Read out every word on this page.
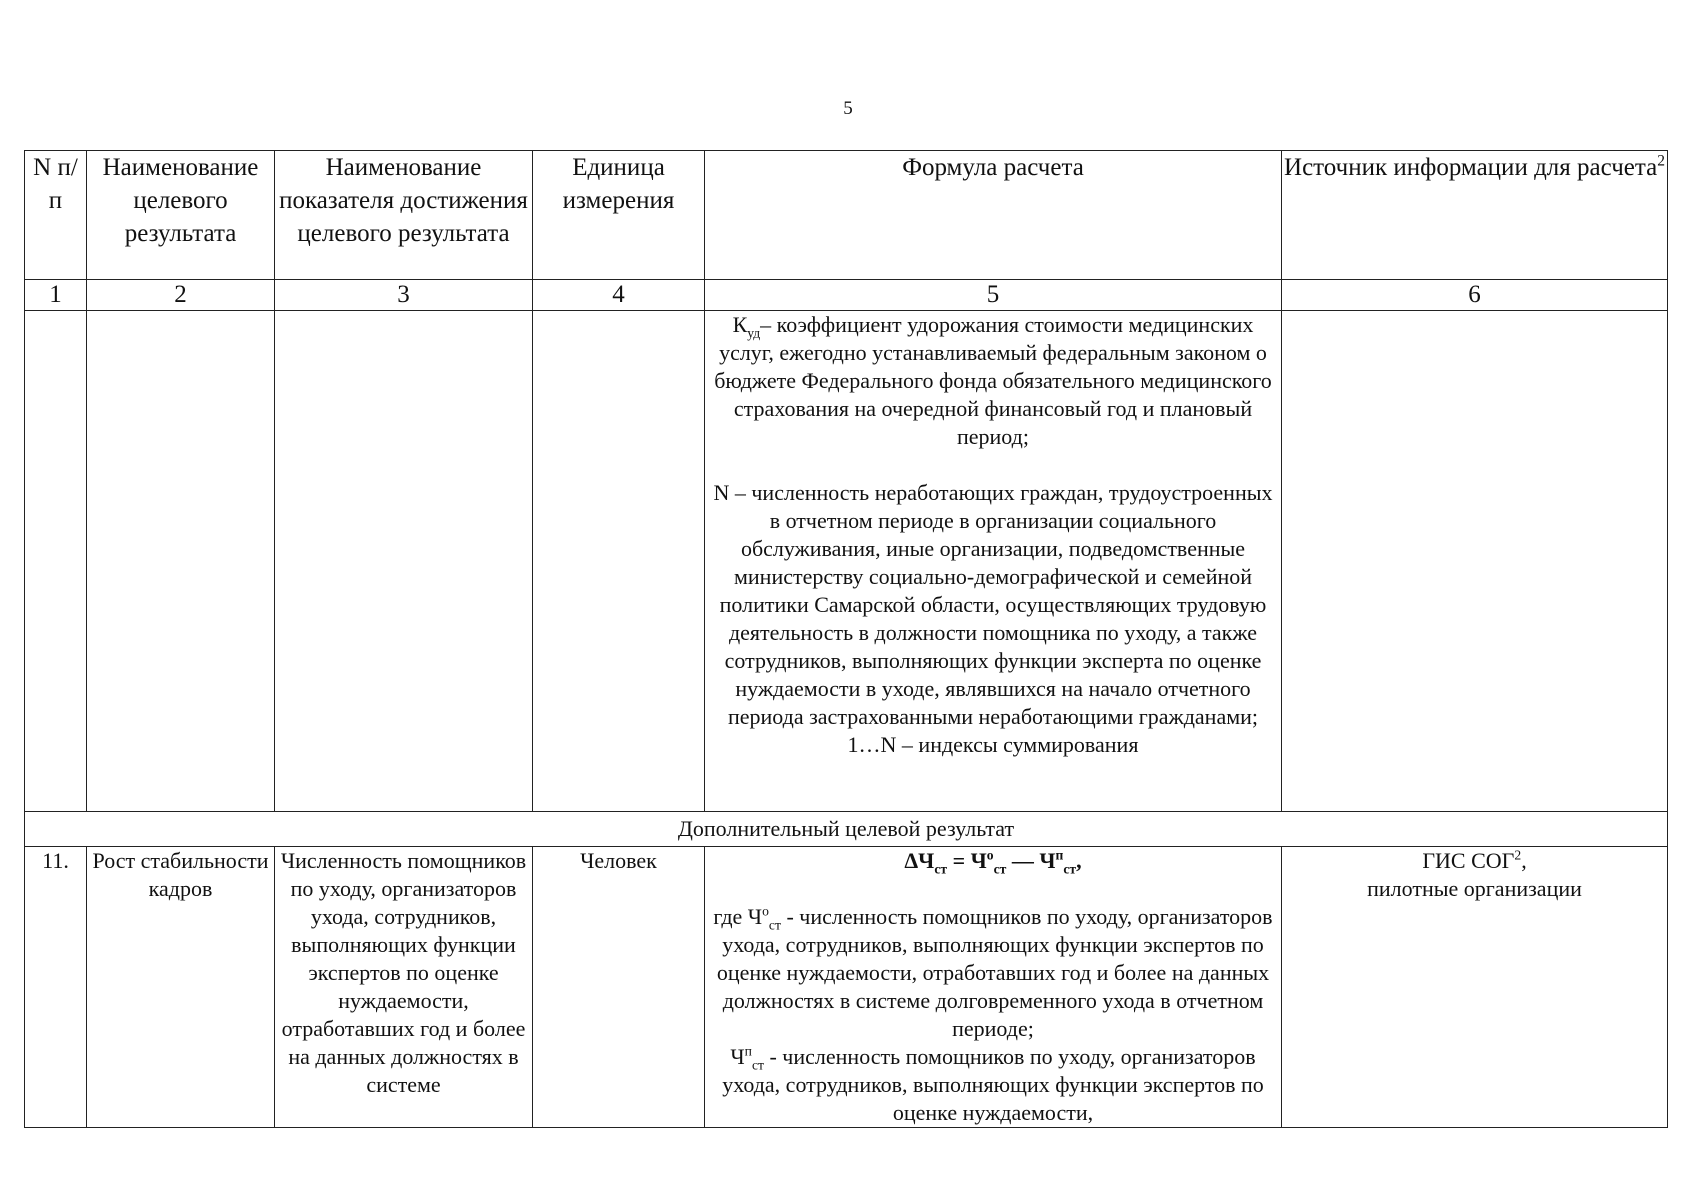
5
N п/п	Наименование целевого результата	Наименование показателя достижения целевого результата	Единица измерения	Формула расчета	Источник информации для расчета$^2$
1	2	3	4	5	6

				$К_{уд}-$ коэффициент удорожания стоимости медицинских услуг, ежегодно устанавливаемый федеральным законом о бюджете Федерального фонда обязательного медицинского страхования на очередной финансовый год и плановый период;
N – численность неработающих граждан, трудоустроенных в отчетном периоде в организации социального обслуживания, иные организации, подведомственные министерству социально-демографической и семейной политики Самарской области, осуществляющих трудовую деятельность в должности помощника по уходу, а также сотрудников, выполняющих функции эксперта по оценке нуждаемости в уходе, являвшихся на начало отчетного периода застрахованными неработающими гражданами;
1…N – индексы суммирования	

Дополнительный целевой результат					
11.	Рост стабильности кадров	Численность помощников по уходу, организаторов ухода, сотрудников, выполняющих функции экспертов по оценке нуждаемости, отработавших год и более на данных должностях в системе	Человек	$\Delta Ч_{ст} = Ч^о_{ст}$ — $Ч^п_{ст}$,
где $Ч^о_{ст}$ - численность помощников по уходу, организаторов ухода, сотрудников, выполняющих функции экспертов по оценке нуждаемости, отработавших год и более на данных должностях в системе долговременного ухода в отчетном периоде;
$Ч^п_{ст}$ - численность помощников по уходу, организаторов ухода, сотрудников, выполняющих функции экспертов по оценке нуждаемости,	ГИС СОГ$^2$,
пилотные организации
